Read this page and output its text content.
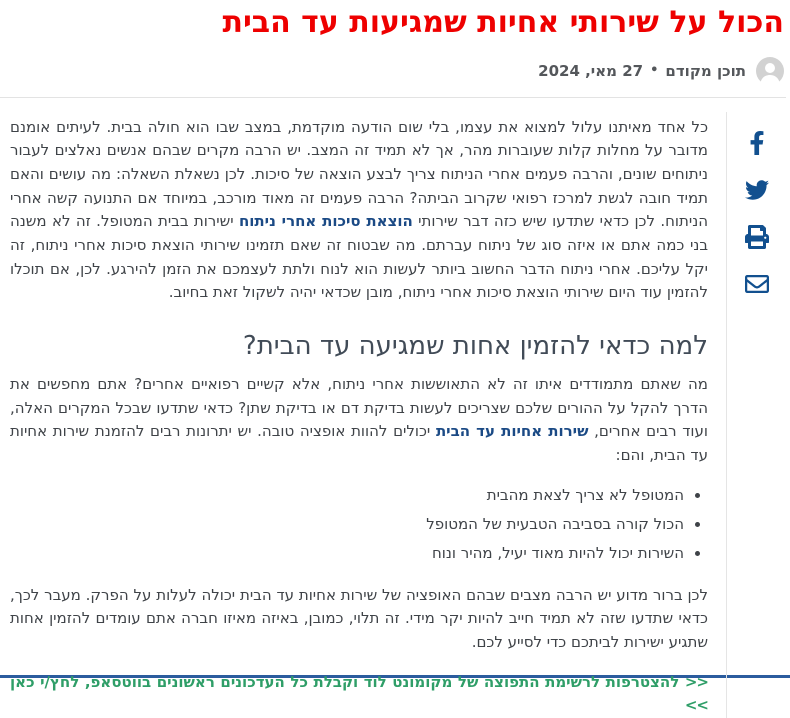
הכול על שירותי אחיות שמגיעות עד הבית
תוכן מקודם
•
27 מאי, 2024

כל אחד מאיתנו עלול למצוא את עצמו, בלי שום הודעה מוקדמת, במצב שבו הוא חולה בבית. לעיתים אומנם מדובר על מחלות קלות שעוברות מהר, אך לא תמיד זה המצב. יש הרבה מקרים שבהם אנשים נאלצים לעבור ניתוחים שונים, והרבה פעמים אחרי הניתוח צריך לבצע הוצאה של סיכות. לכן נשאלת השאלה: מה עושים והאם תמיד חובה לגשת למרכז רפואי שקרוב הביתה? הרבה פעמים זה מאוד מורכב, במיוחד אם התנועה קשה אחרי הניתוח. לכן כדאי שתדעו שיש כזה דבר שירותי הוצאת סיכות אחרי ניתוח ישירות בבית המטופל. זה לא משנה בני כמה אתם או איזה סוג של ניתוח עברתם. מה שבטוח זה שאם תזמינו שירותי הוצאת סיכות אחרי ניתוח, זה יקל עליכם. אחרי ניתוח הדבר החשוב ביותר לעשות הוא לנוח ולתת לעצמכם את הזמן להירגע. לכן, אם תוכלו להזמין עוד היום שירותי הוצאת סיכות אחרי ניתוח, מובן שכדאי יהיה לשקול זאת בחיוב.

למה כדאי להזמין אחות שמגיעה עד הבית?

מה שאתם מתמודדים איתו זה לא התאוששות אחרי ניתוח, אלא קשיים רפואיים אחרים? אתם מחפשים את הדרך להקל על ההורים שלכם שצריכים לעשות בדיקת דם או בדיקת שתן? כדאי שתדעו שבכל המקרים האלה, ועוד רבים אחרים, שירות אחיות עד הבית יכולים להוות אופציה טובה. יש יתרונות רבים להזמנת שירות אחיות עד הבית, והם:

• המטופל לא צריך לצאת מהבית
• הכול קורה בסביבה הטבעית של המטופל
• השירות יכול להיות מאוד יעיל, מהיר ונוח

לכן ברור מדוע יש הרבה מצבים שבהם האופציה של שירות אחיות עד הבית יכולה לעלות על הפרק. מעבר לכך, כדאי שתדעו שזה לא תמיד חייב להיות יקר מידי. זה תלוי, כמובן, באיזה מאיזו חברה אתם עומדים להזמין אחות שתגיע ישירות לביתכם כדי לסייע לכם.

>> להצטרפות לרשימת התפוצה של מקומונט לוד וקבלת כל העדכונים ראשונים בווטסאפ, לחץ/י כאן <<
